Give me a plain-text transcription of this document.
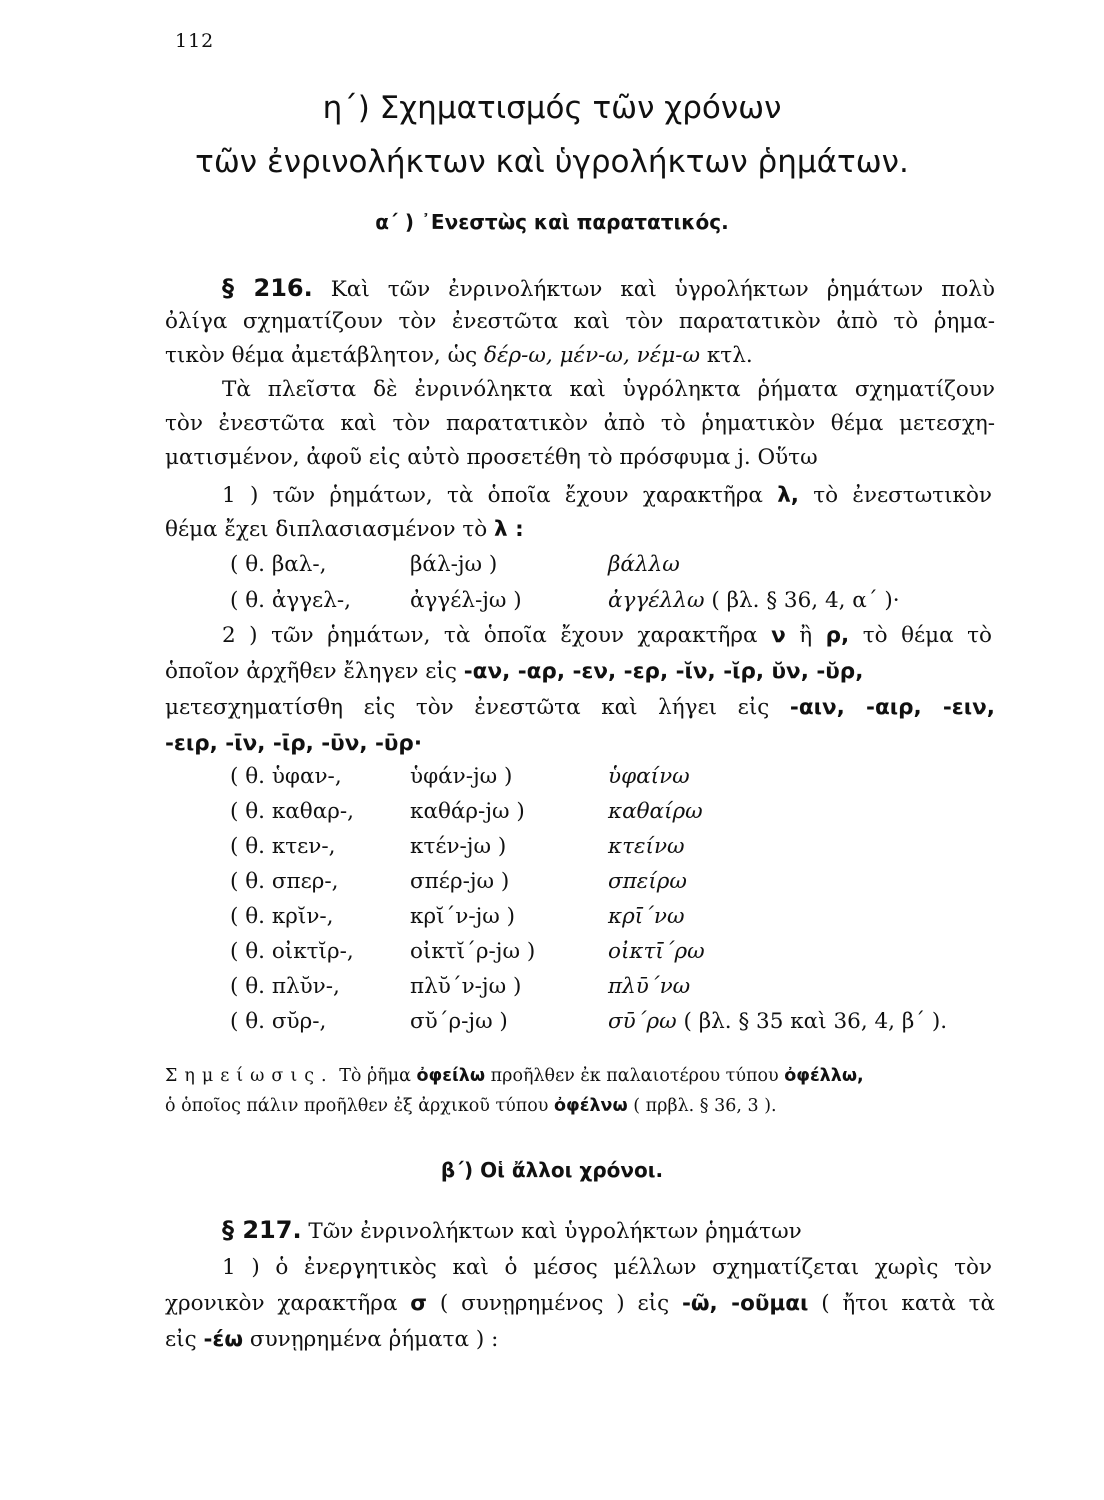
112
η΄) Σχηματισμός τῶν χρόνων
τῶν ἐνρινολήκτων καὶ ὑγρολήκτων ῥημάτων.
α΄ ) ᾿Ενεστὼς καὶ παρατατικός.
§ 216. Καὶ τῶν ἐνρινολήκτων καὶ ὑγρολήκτων ῥημάτων πολὺ
ὀλίγα σχηματίζουν τὸν ἐνεστῶτα καὶ τὸν παρατατικὸν ἀπὸ τὸ ῥημα-
τικὸν θέμα ἀμετάβλητον, ὡς δέρ-ω, μέν-ω, νέμ-ω κτλ.
Τὰ πλεῖστα δὲ ἐνρινόληκτα καὶ ὑγρόληκτα ῥήματα σχηματίζουν
τὸν ἐνεστῶτα καὶ τὸν παρατατικὸν ἀπὸ τὸ ῥηματικὸν θέμα μετεσχη-
ματισμένον, ἀφοῦ εἰς αὐτὸ προσετέθη τὸ πρόσφυμα j. Οὕτω
1 ) τῶν ῥημάτων, τὰ ὁποῖα ἔχουν χαρακτῆρα λ, τὸ ἐνεστωτικὸν
θέμα ἔχει διπλασιασμένον τὸ λ :
( θ. βαλ-,	βάλ-jω )	βάλλω
( θ. ἀγγελ-,	ἀγγέλ-jω )	ἀγγέλλω ( βλ. § 36, 4, α΄ )·
2 ) τῶν ῥημάτων, τὰ ὁποῖα ἔχουν χαρακτῆρα ν ἢ ρ, τὸ θέμα τὸ
ὁποῖον ἀρχῆθεν ἔληγεν εἰς -αν, -αρ, -εν, -ερ, -ῐν, -ῐρ, ῠν, -ῠρ,
μετεσχηματίσθη εἰς τὸν ἐνεστῶτα καὶ λήγει εἰς -αιν, -αιρ, -ειν,
-ειρ, -ῑν, -ῑρ, -ῡν, -ῡρ·
( θ. ὑφαν-,	ὑφάν-jω )	ὑφαίνω
( θ. καθαρ-,	καθάρ-jω )	καθαίρω
( θ. κτεν-,	κτέν-jω )	κτείνω
( θ. σπερ-,	σπέρ-jω )	σπείρω
( θ. κρῐν-,	κρῐ΄ν-jω )	κρῑ΄νω
( θ. οἰκτῐρ-,	οἰκτῐ΄ρ-jω )	οἰκτῑ΄ρω
( θ. πλῠν-,	πλῠ΄ν-jω )	πλῡ΄νω
( θ. σῠρ-,	σῠ΄ρ-jω )	σῡ΄ρω ( βλ. § 35 καὶ 36, 4, β΄ ).
Σημείωσις. Τὸ ῥῆμα ὀφείλω προῆλθεν ἐκ παλαιοτέρου τύπου ὀφέλλω,
ὁ ὁποῖος πάλιν προῆλθεν ἐξ ἀρχικοῦ τύπου ὀφέλνω ( πρβλ. § 36, 3 ).
β΄) Οἱ ἄλλοι χρόνοι.
§ 217. Τῶν ἐνρινολήκτων καὶ ὑγρολήκτων ῥημάτων
1 ) ὁ ἐνεργητικὸς καὶ ὁ μέσος μέλλων σχηματίζεται χωρὶς τὸν
χρονικὸν χαρακτῆρα σ ( συνῃρημένος ) εἰς -ῶ, -οῦμαι ( ἤτοι κατὰ τὰ
εἰς -έω συνῃρημένα ῥήματα ) :
